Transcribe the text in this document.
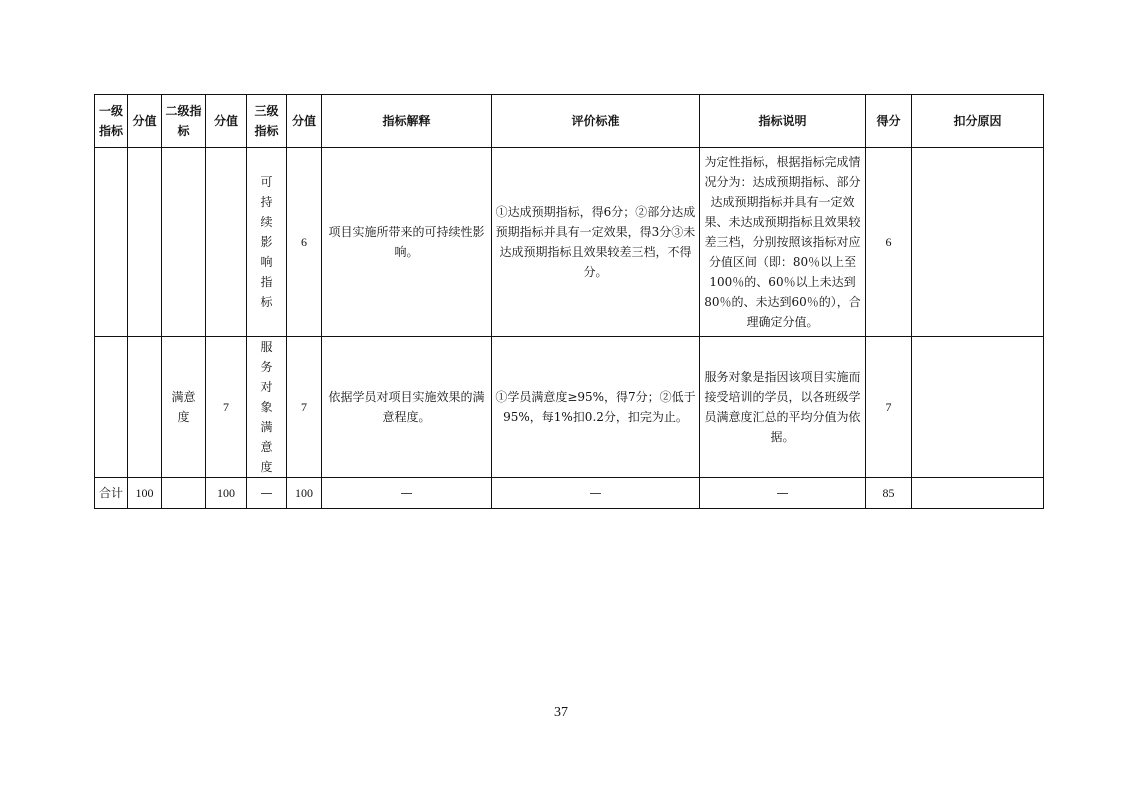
一级指标	分值	二级指标	分值	三级指标	分值	指标解释	评价标准	指标说明	得分	扣分原因
				可持续影响指标	6	项目实施所带来的可持续性影响。	①达成预期指标，得6分；②部分达成预期指标并具有一定效果，得3分③未达成预期指标且效果较差三档，不得分。	为定性指标，根据指标完成情况分为：达成预期指标、部分达成预期指标并具有一定效果、未达成预期指标且效果较差三档，分别按照该指标对应分值区间（即：80％以上至100％的、60％以上未达到80％的、未达到60％的），合理确定分值。	6	
		满意度	7	服务对象满意度	7	依据学员对项目实施效果的满意程度。	①学员满意度≥95%，得7分；②低于95%，每1%扣0.2分，扣完为止。	服务对象是指因该项目实施而接受培训的学员，以各班级学员满意度汇总的平均分值为依据。	7	
合计	100		100	—	100	—	—	—	85	
37
